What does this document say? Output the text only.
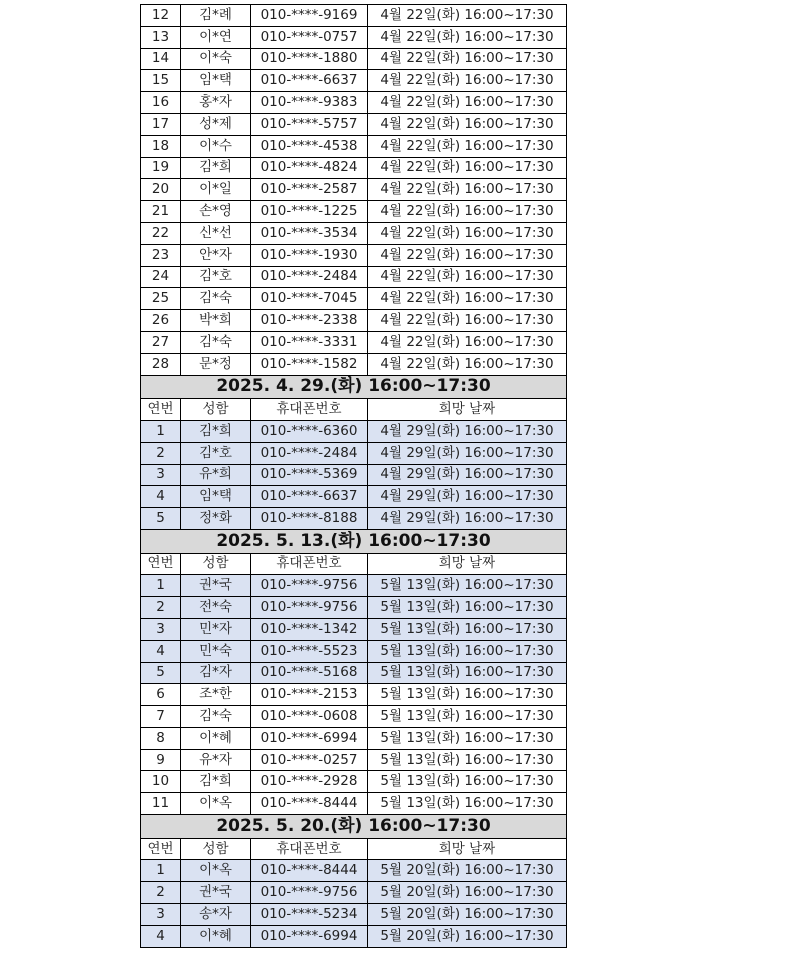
12	김*례	010-****-9169	4월 22일(화) 16:00~17:30
13	이*연	010-****-0757	4월 22일(화) 16:00~17:30
14	이*숙	010-****-1880	4월 22일(화) 16:00~17:30
15	임*택	010-****-6637	4월 22일(화) 16:00~17:30
16	홍*자	010-****-9383	4월 22일(화) 16:00~17:30
17	성*제	010-****-5757	4월 22일(화) 16:00~17:30
18	이*수	010-****-4538	4월 22일(화) 16:00~17:30
19	김*희	010-****-4824	4월 22일(화) 16:00~17:30
20	이*일	010-****-2587	4월 22일(화) 16:00~17:30
21	손*영	010-****-1225	4월 22일(화) 16:00~17:30
22	신*선	010-****-3534	4월 22일(화) 16:00~17:30
23	안*자	010-****-1930	4월 22일(화) 16:00~17:30
24	김*호	010-****-2484	4월 22일(화) 16:00~17:30
25	김*숙	010-****-7045	4월 22일(화) 16:00~17:30
26	박*희	010-****-2338	4월 22일(화) 16:00~17:30
27	김*숙	010-****-3331	4월 22일(화) 16:00~17:30
28	문*정	010-****-1582	4월 22일(화) 16:00~17:30
2025. 4. 29.(화) 16:00~17:30			
연번	성함	휴대폰번호	희망 날짜
1	김*희	010-****-6360	4월 29일(화) 16:00~17:30
2	김*호	010-****-2484	4월 29일(화) 16:00~17:30
3	유*희	010-****-5369	4월 29일(화) 16:00~17:30
4	임*택	010-****-6637	4월 29일(화) 16:00~17:30
5	정*화	010-****-8188	4월 29일(화) 16:00~17:30
2025. 5. 13.(화) 16:00~17:30			
연번	성함	휴대폰번호	희망 날짜
1	권*국	010-****-9756	5월 13일(화) 16:00~17:30
2	전*숙	010-****-9756	5월 13일(화) 16:00~17:30
3	민*자	010-****-1342	5월 13일(화) 16:00~17:30
4	민*숙	010-****-5523	5월 13일(화) 16:00~17:30
5	김*자	010-****-5168	5월 13일(화) 16:00~17:30
6	조*한	010-****-2153	5월 13일(화) 16:00~17:30
7	김*숙	010-****-0608	5월 13일(화) 16:00~17:30
8	이*혜	010-****-6994	5월 13일(화) 16:00~17:30
9	유*자	010-****-0257	5월 13일(화) 16:00~17:30
10	김*희	010-****-2928	5월 13일(화) 16:00~17:30
11	이*옥	010-****-8444	5월 13일(화) 16:00~17:30
2025. 5. 20.(화) 16:00~17:30			
연번	성함	휴대폰번호	희망 날짜
1	이*옥	010-****-8444	5월 20일(화) 16:00~17:30
2	권*국	010-****-9756	5월 20일(화) 16:00~17:30
3	송*자	010-****-5234	5월 20일(화) 16:00~17:30
4	이*혜	010-****-6994	5월 20일(화) 16:00~17:30
